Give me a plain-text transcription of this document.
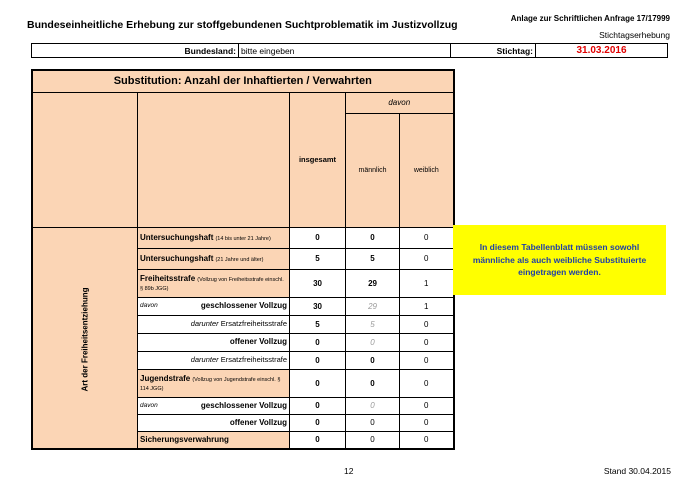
Bundeseinheitliche Erhebung zur stoffgebundenen Suchtproblematik im Justizvollzug
Anlage zur Schriftlichen Anfrage 17/17999
Stichtagserhebung
Bundesland: bitte eingeben	Stichtag:	31.03.2016
Substitution: Anzahl der Inhaftierten / Verwahrten				
		insgesamt	davon	
			männlich	weiblich
Art der Freiheitsentziehung	Untersuchungshaft (14 bis unter 21 Jahre)	0	0	0
	Untersuchungshaft (21 Jahre und älter)	5	5	0
	Freiheitsstrafe (Vollzug von Freiheitsstrafe einschl. § 89b JGG)	30	29	1

	davon geschlossener Vollzug	30	29	1
	darunter Ersatzfreiheitsstrafe	5	5	0
	offener Vollzug	0	0	0
	darunter Ersatzfreiheitsstrafe	0	0	0
	Jugendstrafe (Vollzug von Jugendstrafe einschl. § 114 JGG)	0	0	0

	davon geschlossener Vollzug	0	0	0
	offener Vollzug	0	0	0
	Sicherungsverwahrung	0	0	0
In diesem Tabellenblatt müssen sowohl männliche als auch weibliche Substituierte eingetragen werden.
12	Stand 30.04.2015
